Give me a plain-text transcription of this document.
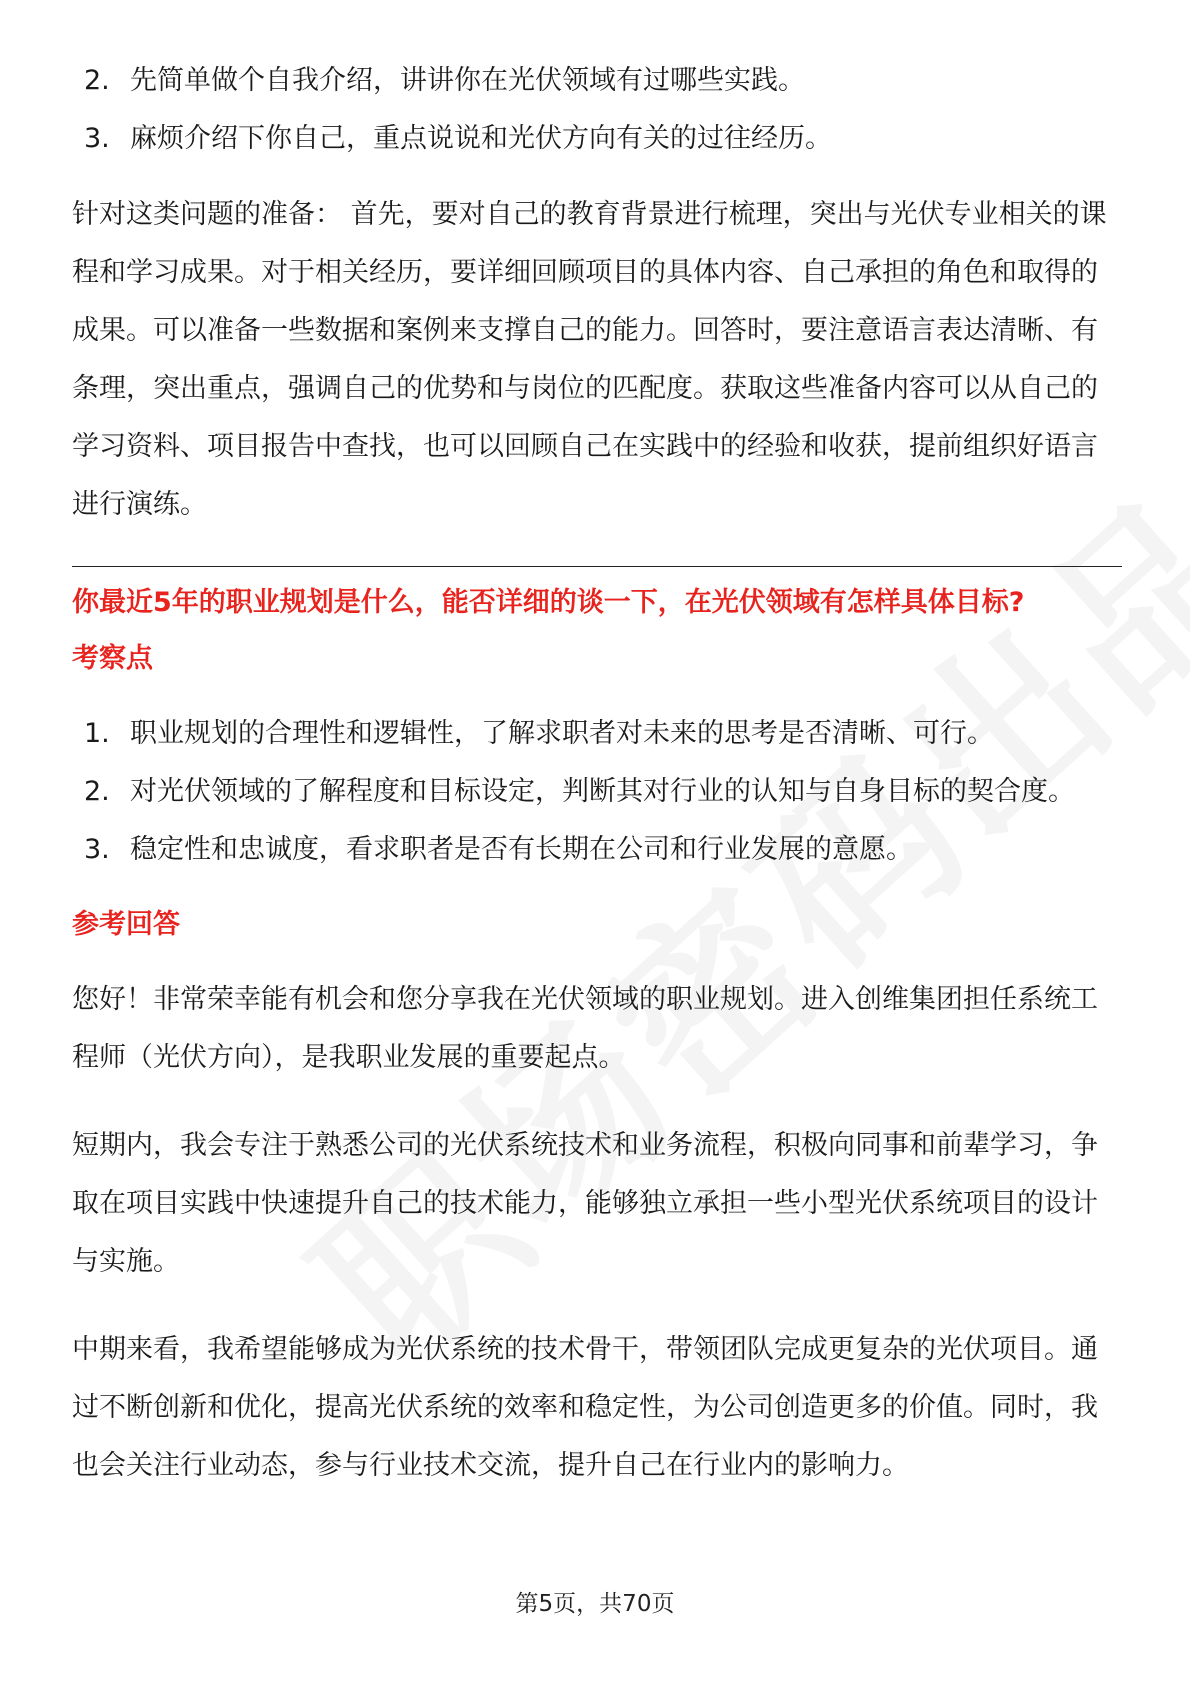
2. 先简单做个自我介绍，讲讲你在光伏领域有过哪些实践。
3. 麻烦介绍下你自己，重点说说和光伏方向有关的过往经历。

针对这类问题的准备： 首先，要对自己的教育背景进行梳理，突出与光伏专业相关的课程和学习成果。对于相关经历，要详细回顾项目的具体内容、自己承担的角色和取得的成果。可以准备一些数据和案例来支撑自己的能力。回答时，要注意语言表达清晰、有条理，突出重点，强调自己的优势和与岗位的匹配度。获取这些准备内容可以从自己的学习资料、项目报告中查找，也可以回顾自己在实践中的经验和收获，提前组织好语言进行演练。

你最近5年的职业规划是什么，能否详细的谈一下，在光伏领域有怎样具体目标?
考察点
1. 职业规划的合理性和逻辑性，了解求职者对未来的思考是否清晰、可行。
2. 对光伏领域的了解程度和目标设定，判断其对行业的认知与自身目标的契合度。
3. 稳定性和忠诚度，看求职者是否有长期在公司和行业发展的意愿。
参考回答

您好！非常荣幸能有机会和您分享我在光伏领域的职业规划。进入创维集团担任系统工程师（光伏方向），是我职业发展的重要起点。

短期内，我会专注于熟悉公司的光伏系统技术和业务流程，积极向同事和前辈学习，争取在项目实践中快速提升自己的技术能力，能够独立承担一些小型光伏系统项目的设计与实施。

中期来看，我希望能够成为光伏系统的技术骨干，带领团队完成更复杂的光伏项目。通过不断创新和优化，提高光伏系统的效率和稳定性，为公司创造更多的价值。同时，我也会关注行业动态，参与行业技术交流，提升自己在行业内的影响力。

第5页，共70页
